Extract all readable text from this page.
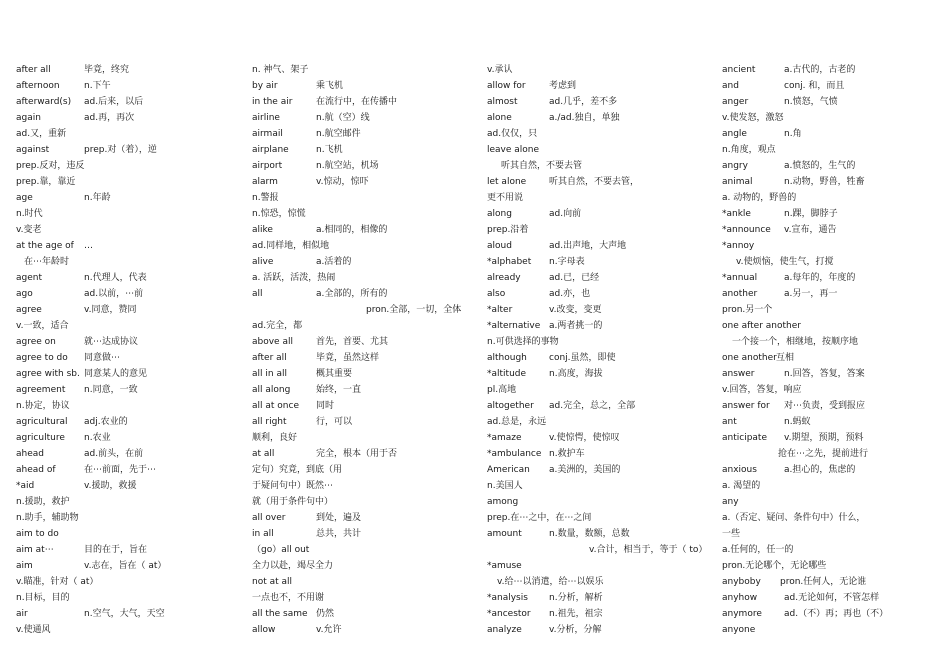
after all	毕竟，终究
afternoon	n.下午
afterward(s) ad.后来，以后
again	ad.再，再次
ad.又，重新
against	prep.对（着），逆
prep.反对，违反
prep.靠，靠近
age	n.年龄
n.时代
v.变老
at the age of …
在⋯年龄时
agent	n.代理人，代表
ago	ad.以前，⋯前
agree	v.同意，赞同
v.一致，适合
agree on	就⋯达成协议
agree to do 同意做⋯
agree with sb. 同意某人的意见
agreement n.同意，一致
n.协定，协议
agricultural adj.农业的
agriculture n.农业
ahead	ad.前头，在前
ahead of	在⋯前面，先于⋯
*aid	v.援助，救援
n.援助，救护
n.助手，辅助物
aim to do
aim at⋯	目的在于，旨在
aim	v.志在，旨在（ at）
v.瞄准，针对（ at）
n.目标，目的
air	n.空气，大气，天空
v.使通风
n. 神气、架子
by air	乘飞机
in the air	在流行中，在传播中
airline	n.航（空）线
airmail	n.航空邮件
airplane	n.飞机
airport	n.航空站，机场
alarm	v.惊动，惊吓
n.警报
n.惊恐，惊慌
alike	a.相同的，相像的
ad.同样地，相似地
alive	a.活着的
a. 活跃，活泼，热闹
all	a.全部的，所有的
pron.全部，一切，全体
ad.完全，都
above all	首先，首要、尤其
after all	毕竟，虽然这样
all in all	概其重要
all along	始终，一直
all at once 同时
all right	行，可以
顺利，良好
at all	完全，根本（用于否
定句）究竟，到底（用
于疑问句中）既然⋯
就（用于条件句中）
all over	到处，遍及
in all	总共，共计
（go）all out
全力以赴，竭尽全力
not at all
一点也不，不用谢
all the same 仍然
allow	v.允许
v.承认
allow for	考虑到
almost	ad.几乎，差不多
alone	a./ad.独自，单独
ad.仅仅，只
leave alone
听其自然，不要去管
let alone	听其自然，不要去管，
更不用说
along	ad.向前
prep.沿着
aloud	ad.出声地，大声地
*alphabet n.字母表
already	ad.已，已经
also	ad.亦，也
*alter	v.改变，变更
*alternative a.两者挑一的
n.可供选择的事物
although conj.虽然，即使
*altitude	n.高度，海拔
pl.高地
altogether ad.完全，总之，全部
ad.总是，永远
*amaze	v.使惊愕，使惊叹
*ambulance n.救护车
American a.美洲的，美国的
n.美国人
among
prep.在⋯之中，在⋯之间
amount	n.数量，数额，总数
v.合计，相当于，等于（ to）
*amuse
v.给⋯以消遣，给⋯以娱乐
*analysis n.分析，解析
*ancestor n.祖先，祖宗
analyze	v.分析，分解
ancient	a.古代的，古老的
and	conj. 和，而且
anger	n.愤怒，气愤
v.使发怒，激怒
angle	n.角
n.角度，观点
angry	a.愤怒的，生气的
animal	n.动物，野兽，牲畜
a. 动物的，野兽的
*ankle	n.踝，脚脖子
*announce v.宣布，通告
*annoy
v.使烦恼，使生气，打搅
*annual	a.每年的，年度的
another	a.另一，再一
pron.另一个
one after another
一个接一个，相继地，按顺序地
one another 互相
answer	n.回答，答复，答案
v.回答，答复，响应
answer for 对⋯负责，受到报应
ant	n.蚂蚁
anticipate v.期望，预期，预料
抢在⋯之先，提前进行
anxious	a.担心的，焦虑的
a. 渴望的
any
a.（否定、疑问、条件句中）什么，
一些
a.任何的，任一的
pron.无论哪个，无论哪些
anyboby pron.任何人，无论谁
anyhow	ad.无论如何，不管怎样
anymore ad.（不）再；再也（不）
anyone
